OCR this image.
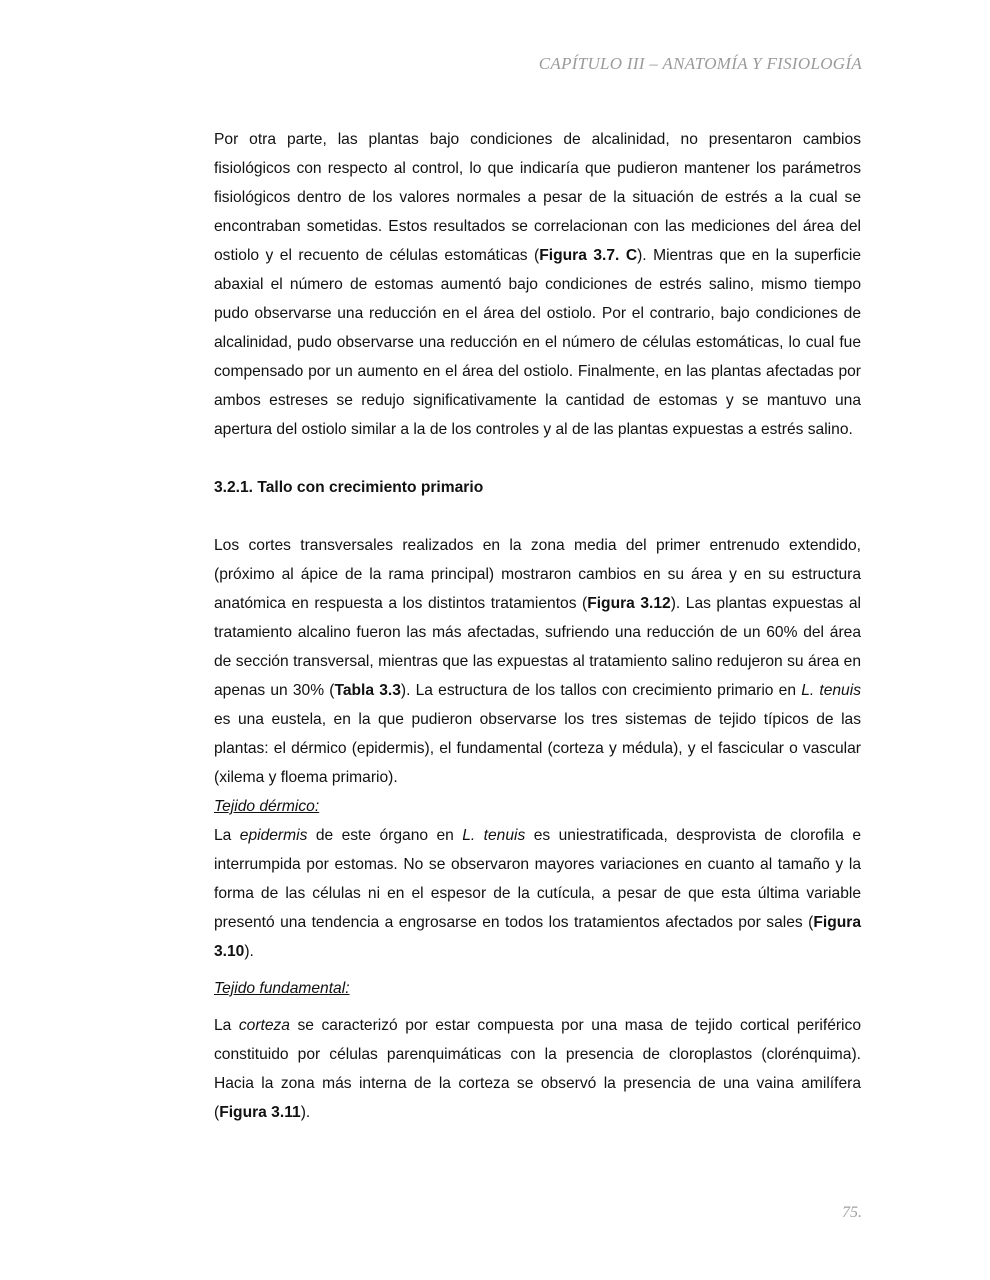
CAPÍTULO III – ANATOMÍA Y FISIOLOGÍA

Por otra parte, las plantas bajo condiciones de alcalinidad, no presentaron cambios fisiológicos con respecto al control, lo que indicaría que pudieron mantener los parámetros fisiológicos dentro de los valores normales a pesar de la situación de estrés a la cual se encontraban sometidas. Estos resultados se correlacionan con las mediciones del área del ostiolo y el recuento de células estomáticas (Figura 3.7. C). Mientras que en la superficie abaxial el número de estomas aumentó bajo condiciones de estrés salino, mismo tiempo pudo observarse una reducción en el área del ostiolo. Por el contrario, bajo condiciones de alcalinidad, pudo observarse una reducción en el número de células estomáticas, lo cual fue compensado por un aumento en el área del ostiolo. Finalmente, en las plantas afectadas por ambos estreses se redujo significativamente la cantidad de estomas y se mantuvo una apertura del ostiolo similar a la de los controles y al de las plantas expuestas a estrés salino.

3.2.1. Tallo con crecimiento primario

Los cortes transversales realizados en la zona media del primer entrenudo extendido, (próximo al ápice de la rama principal) mostraron cambios en su área y en su estructura anatómica en respuesta a los distintos tratamientos (Figura 3.12). Las plantas expuestas al tratamiento alcalino fueron las más afectadas, sufriendo una reducción de un 60% del área de sección transversal, mientras que las expuestas al tratamiento salino redujeron su área en apenas un 30% (Tabla 3.3). La estructura de los tallos con crecimiento primario en L. tenuis es una eustela, en la que pudieron observarse los tres sistemas de tejido típicos de las plantas: el dérmico (epidermis), el fundamental (corteza y médula), y el fascicular o vascular (xilema y floema primario).

Tejido dérmico:

La epidermis de este órgano en L. tenuis es uniestratificada, desprovista de clorofila e interrumpida por estomas. No se observaron mayores variaciones en cuanto al tamaño y la forma de las células ni en el espesor de la cutícula, a pesar de que esta última variable presentó una tendencia a engrosarse en todos los tratamientos afectados por sales (Figura 3.10).

Tejido fundamental:

La corteza se caracterizó por estar compuesta por una masa de tejido cortical periférico constituido por células parenquimáticas con la presencia de cloroplastos (clorénquima). Hacia la zona más interna de la corteza se observó la presencia de una vaina amilífera (Figura 3.11).

75.
